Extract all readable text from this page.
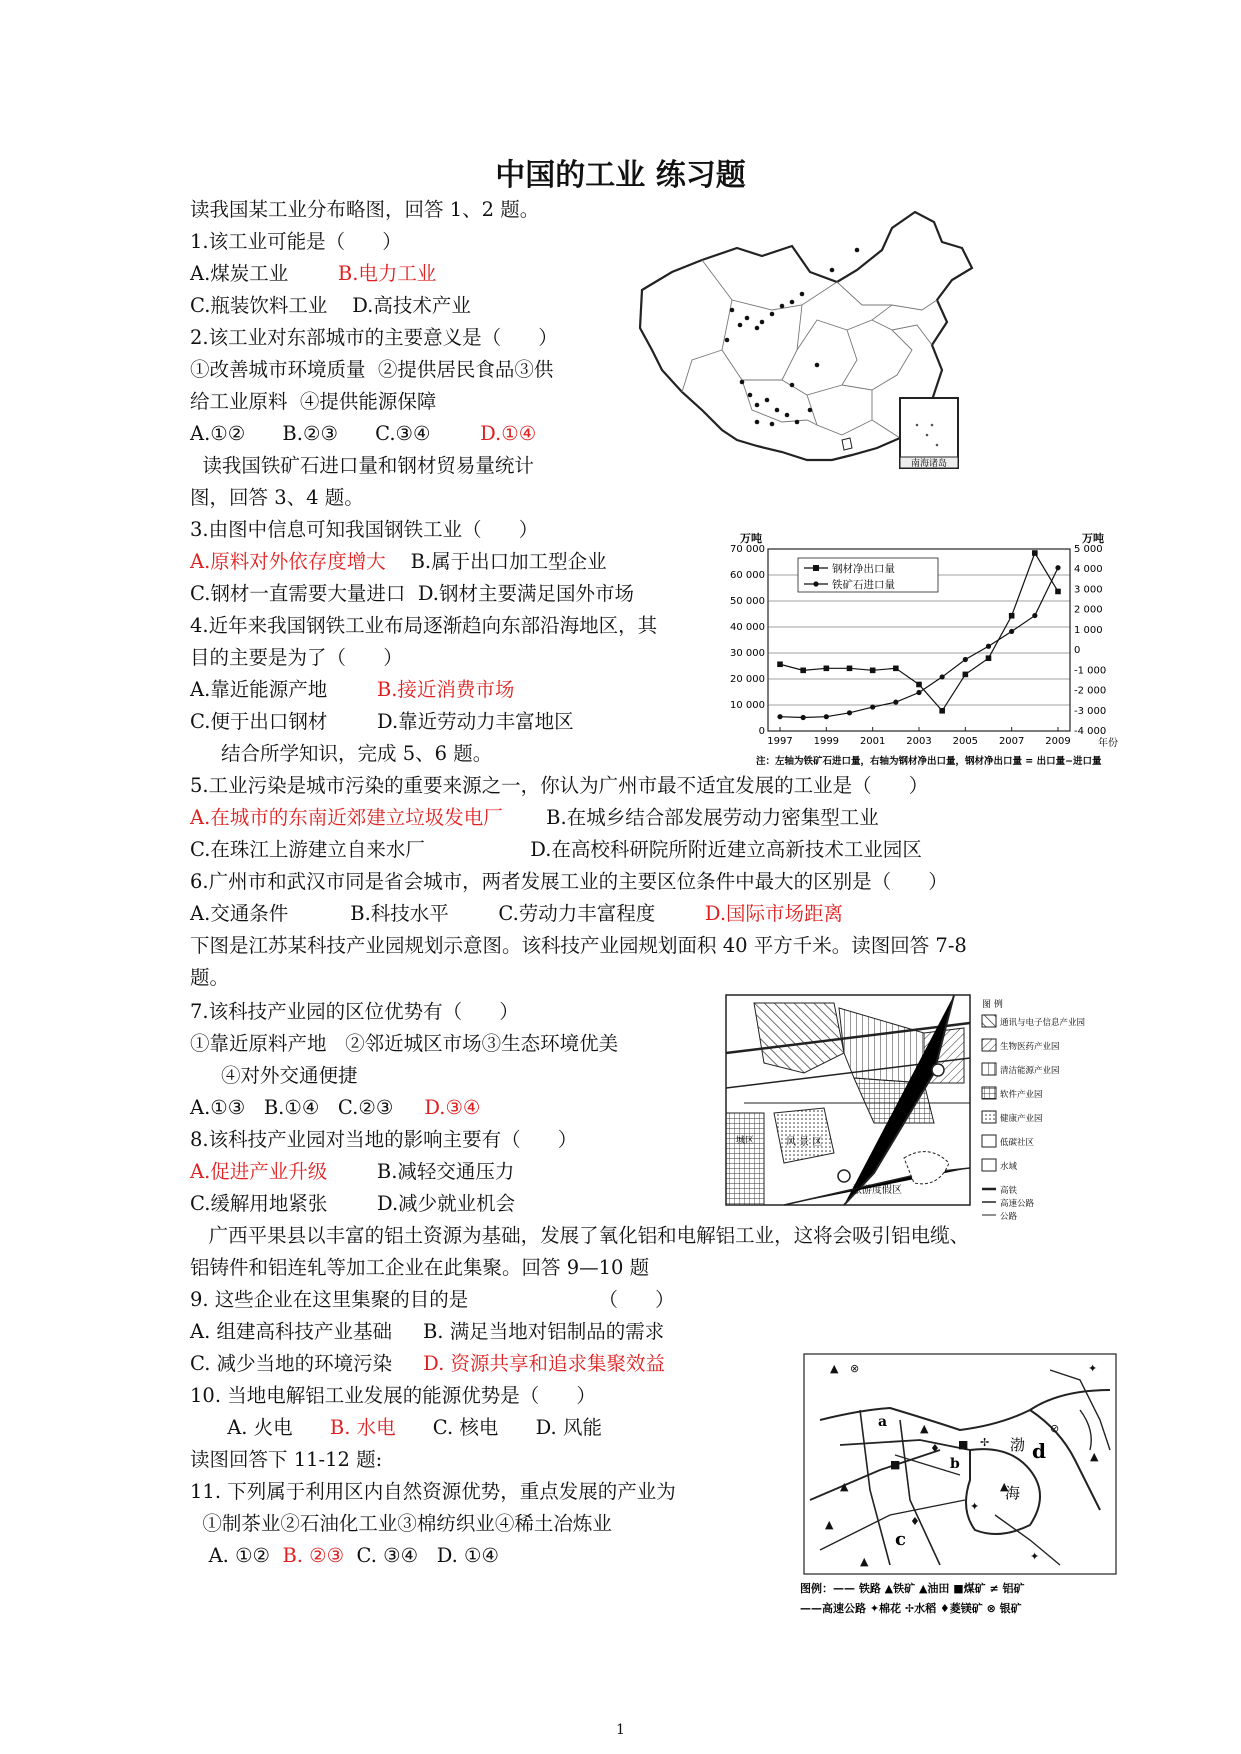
中国的工业 练习题
读我国某工业分布略图，回答 1、2 题。
1.该工业可能是（      ）
A.煤炭工业        B.电力工业
C.瓶装饮料工业    D.高技术产业
2.该工业对东部城市的主要意义是（      ）
①改善城市环境质量  ②提供居民食品③供
给工业原料  ④提供能源保障
A.①②      B.②③      C.③④        D.①④
读我国铁矿石进口量和钢材贸易量统计
图，回答 3、4 题。
3.由图中信息可知我国钢铁工业（      ）
A.原料对外依存度增大    B.属于出口加工型企业
C.钢材一直需要大量进口  D.钢材主要满足国外市场
4.近年来我国钢铁工业布局逐渐趋向东部沿海地区，其
目的主要是为了（      ）
A.靠近能源产地        B.接近消费市场
C.便于出口钢材        D.靠近劳动力丰富地区
结合所学知识，完成 5、6 题。
5.工业污染是城市污染的重要来源之一，你认为广州市最不适宜发展的工业是（      ）
A.在城市的东南近郊建立垃圾发电厂       B.在城乡结合部发展劳动力密集型工业
C.在珠江上游建立自来水厂                 D.在高校科研院所附近建立高新技术工业园区
6.广州市和武汉市同是省会城市，两者发展工业的主要区位条件中最大的区别是（      ）
A.交通条件          B.科技水平        C.劳动力丰富程度        D.国际市场距离
下图是江苏某科技产业园规划示意图。该科技产业园规划面积 40 平方千米。读图回答 7-8
题。
7.该科技产业园的区位优势有（      ）
①靠近原料产地   ②邻近城区市场③生态环境优美
④对外交通便捷
A.①③   B.①④   C.②③     D.③④
8.该科技产业园对当地的影响主要有（      ）
A.促进产业升级        B.减轻交通压力
C.缓解用地紧张        D.减少就业机会
广西平果县以丰富的铝土资源为基础，发展了氧化铝和电解铝工业，这将会吸引铝电缆、
铝铸件和铝连轧等加工企业在此集聚。回答 9—10 题
9. 这些企业在这里集聚的目的是                     （      ）
A. 组建高科技产业基础     B. 满足当地对铝制品的需求
C. 减少当地的环境污染     D. 资源共享和追求集聚效益
10. 当地电解铝工业发展的能源优势是（      ）
A. 火电      B. 水电      C. 核电      D. 风能
读图回答下 11-12 题:
11. 下列属于利用区内自然资源优势，重点发展的产业为
①制茶业②石油化工业③棉纺织业④稀土冶炼业
A. ①②  B. ②③  C. ③④   D. ①④
南海诸岛
万吨	万吨
70 000
60 000
50 000
40 000
30 000
20 000
10 000
0
5 000
4 000
3 000
2 000
1 000
0
-1 000
-2 000
-3 000
-4 000
1997 1999 2001 2003 2005 2007 2009
钢材净出口量
铁矿石进口量
年份
注：左轴为铁矿石进口量，右轴为钢材净出口量，钢材净出口量 = 出口量−进口量
城区	风 景 区
旅游度假区
图 例
通讯与电子信息产业园
生物医药产业园
清洁能源产业园
软件产业园
健康产业园
低碳社区
水域
高铁
高速公路
公路
▲ ⊗	✦
⊘
▲
♦ ■ ✢
■
▲	▲
✦
▲	♦
✦
▲
▲
渤
海
a
b
c
d
图例：—— 铁路 ▲铁矿 ▲油田 ■煤矿 ≠ 铝矿
——高速公路 ✦棉花 ✢水稻 ♦菱镁矿 ⊗ 银矿
1
